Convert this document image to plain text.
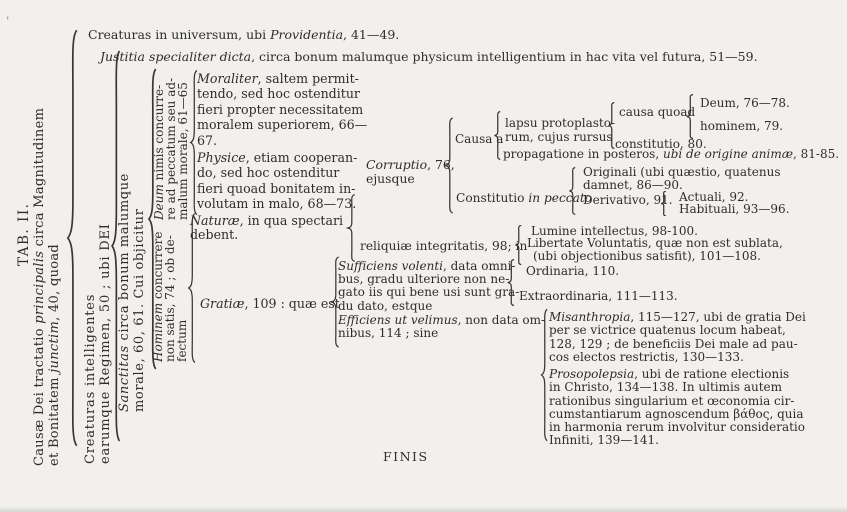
,
TAB. II.
Causæ Dei tractatio principalis circa Magnitudinem
et Bonitatem junctim, 40, quoad
Creaturas intelligentes
earumque Regimen, 50 ; ubi DEI Sanctitas circa bonum malumque
morale, 60, 61. Cui objicitur
Deum nimis concurre-
re ad peccatum seu ad-
malum morale, 61—65
Hominem concurrere
non satis, 74 ; ob de-
fectum
Creaturas in universum, ubi Providentia, 41—49.
Justitia specialiter dicta, circa bonum malumque physicum intelligentium in hac vita vel futura, 51—59.
Moraliter, saltem permit-
tendo, sed hoc ostenditur
fieri propter necessitatem
moralem superiorem, 66—
67.
Physice, etiam cooperan-
do, sed hoc ostenditur
fieri quoad bonitatem in-
volutam in malo, 68—73.
Naturæ, in qua spectari
debent.
Gratiæ, 109 : quæ est
Corruptio, 76,
ejusque
Causa a
lapsu protoplasto-
rum, cujus rursus
propagatione in posteros, ubi de origine animæ, 81-85.
causa quoad
Deum, 76—78.
hominem, 79.
constitutio, 80.
Constitutio in peccato
Originali (ubi quæstio, quatenus
damnet, 86—90.
Derivativo, 91. Actuali, 92.
Habituali, 93—96.
reliquiæ integritatis, 98; in
Lumine intellectus, 98-100.
Libertate Voluntatis, quæ non est sublata,
 (ubi objectionibus satisfit), 101—108.
Sufficiens volenti, data omni-
bus, gradu ulteriore non ne-
gato iis qui bene usi sunt gra-
du dato, estque
Ordinaria, 110.
Extraordinaria, 111—113.
Efficiens ut velimus, non data om-
nibus, 114 ; sine
Misanthropia, 115—127, ubi de gratia Dei
per se victrice quatenus locum habeat,
128, 129 ; de beneficiis Dei male ad pau-
cos electos restrictis, 130—133.
Prosopolepsia, ubi de ratione electionis
in Christo, 134—138. In ultimis autem
rationibus singularium et œconomia cir-
cumstantiarum agnoscendum βάθος, quia
in harmonia rerum involvitur consideratio
Infiniti, 139—141.
FINIS
